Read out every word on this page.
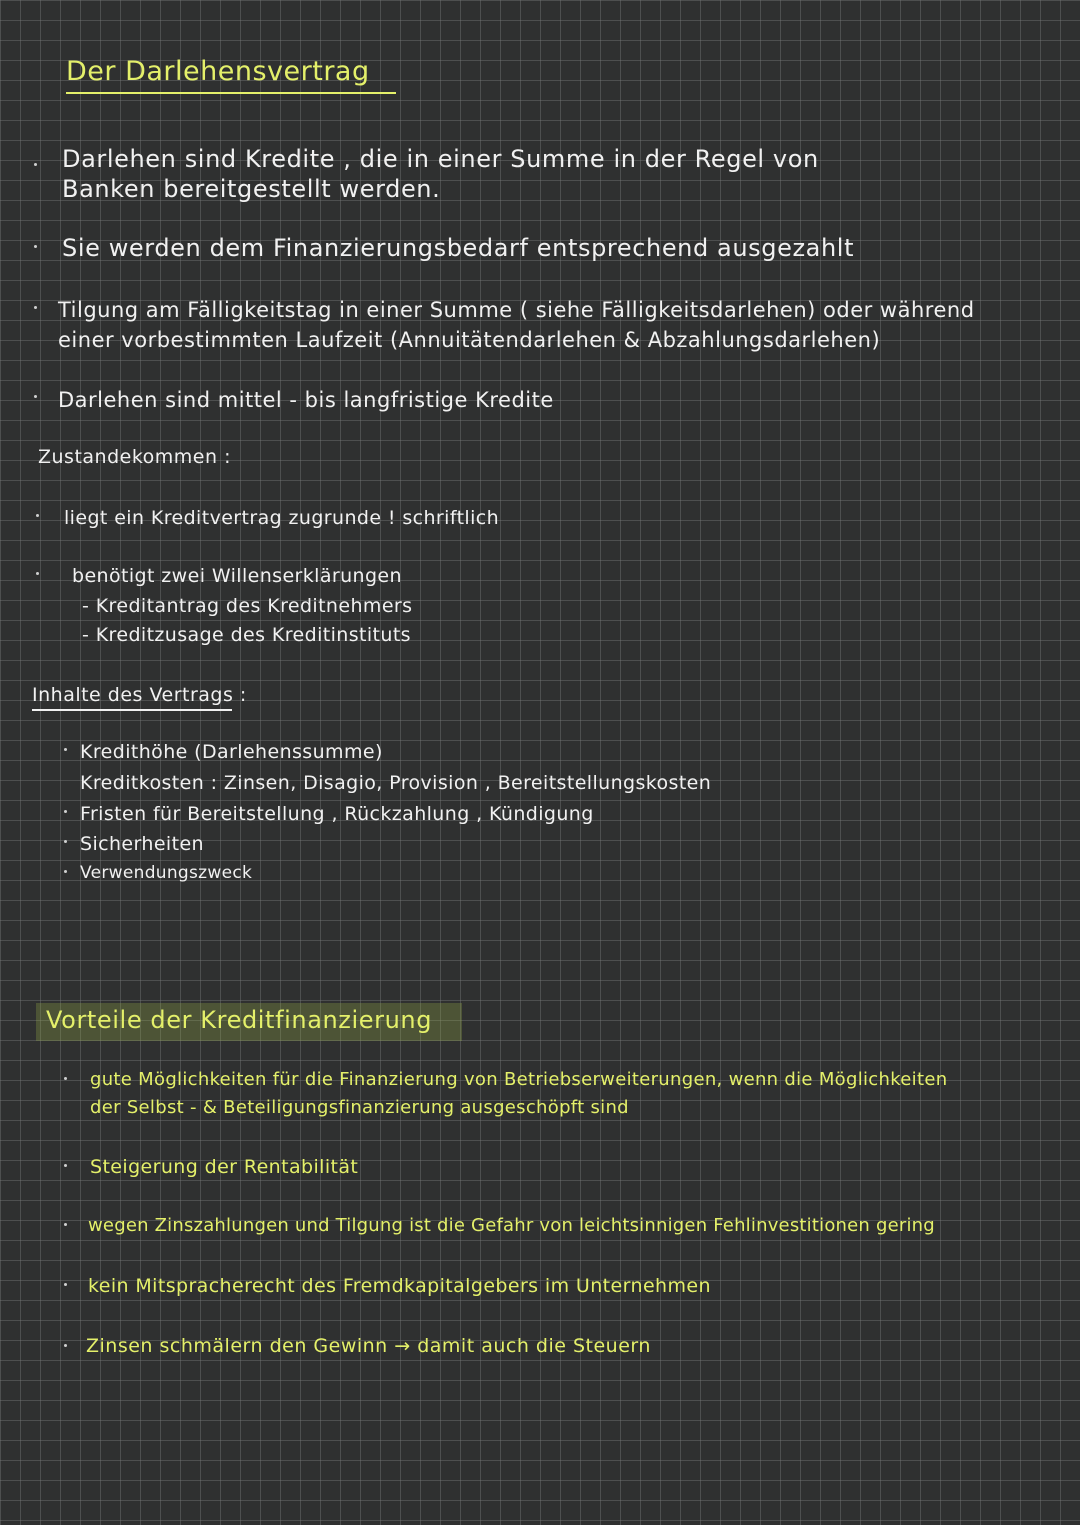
Der Darlehensvertrag
Darlehen sind Kredite , die in einer Summe in der Regel von
Banken bereitgestellt werden.
Sie werden dem Finanzierungsbedarf entsprechend ausgezahlt
Tilgung am Fälligkeitstag in einer Summe ( siehe Fälligkeitsdarlehen) oder während
einer vorbestimmten Laufzeit (Annuitätendarlehen & Abzahlungsdarlehen)
Darlehen sind mittel - bis langfristige Kredite
Zustandekommen :
liegt ein Kreditvertrag zugrunde ! schriftlich
benötigt zwei Willenserklärungen
- Kreditantrag des Kreditnehmers
- Kreditzusage des Kreditinstituts
Inhalte des Vertrags :
Kredithöhe (Darlehenssumme)
Kreditkosten : Zinsen, Disagio, Provision , Bereitstellungskosten
Fristen für Bereitstellung , Rückzahlung , Kündigung
Sicherheiten
Verwendungszweck
Vorteile der Kreditfinanzierung
gute Möglichkeiten für die Finanzierung von Betriebserweiterungen, wenn die Möglichkeiten
der Selbst - & Beteiligungsfinanzierung ausgeschöpft sind
Steigerung der Rentabilität
wegen Zinszahlungen und Tilgung ist die Gefahr von leichtsinnigen Fehlinvestitionen gering
kein Mitspracherecht des Fremdkapitalgebers im Unternehmen
Zinsen schmälern den Gewinn → damit auch die Steuern
